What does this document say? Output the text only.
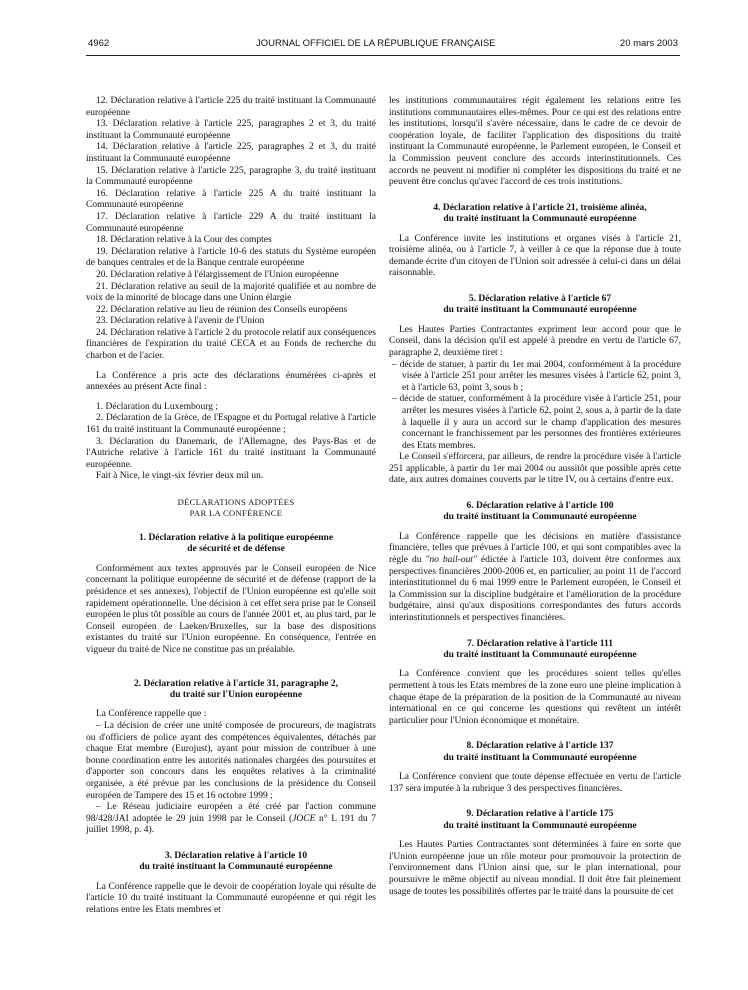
4962	JOURNAL OFFICIEL DE LA RÉPUBLIQUE FRANÇAISE	20 mars 2003

12. Déclaration relative à l'article 225 du traité instituant la Communauté européenne

13. Déclaration relative à l'article 225, paragraphes 2 et 3, du traité instituant la Communauté européenne

14. Déclaration relative à l'article 225, paragraphes 2 et 3, du traité instituant la Communauté européenne

15. Déclaration relative à l'article 225, paragraphe 3, du traité instituant la Communauté européenne

16. Déclaration relative à l'article 225 A du traité instituant la Communauté européenne

17. Déclaration relative à l'article 229 A du traité instituant la Communauté européenne

18. Déclaration relative à la Cour des comptes

19. Déclaration relative à l'article 10-6 des statuts du Système européen de banques centrales et de la Banque centrale européenne

20. Déclaration relative à l'élargissement de l'Union européenne

21. Déclaration relative au seuil de la majorité qualifiée et au nombre de voix de la minorité de blocage dans une Union élargie

22. Déclaration relative au lieu de réunion des Conseils européens

23. Déclaration relative à l'avenir de l'Union

24. Déclaration relative à l'article 2 du protocole relatif aux conséquences financières de l'expiration du traité CECA et au Fonds de recherche du charbon et de l'acier.

La Conférence a pris acte des déclarations énumérées ci-après et annexées au présent Acte final :

1. Déclaration du Luxembourg ;

2. Déclaration de la Grèce, de l'Espagne et du Portugal relative à l'article 161 du traité instituant la Communauté européenne ;

3. Déclaration du Danemark, de l'Allemagne, des Pays-Bas et de l'Autriche relative à l'article 161 du traité instituant la Communauté européenne.

Fait à Nice, le vingt-six février deux mil un.

DÉCLARATIONS ADOPTÉES

PAR LA CONFÉRENCE

1. Déclaration relative à la politique européenne

de sécurité et de défense

Conformément aux textes approuvés par le Conseil européen de Nice concernant la politique européenne de sécurité et de défense (rapport de la présidence et ses annexes), l'objectif de l'Union européenne est qu'elle soit rapidement opérationnelle. Une décision à cet effet sera prise par le Conseil européen le plus tôt possible au cours de l'année 2001 et, au plus tard, par le Conseil européen de Laeken/Bruxelles, sur la base des dispositions existantes du traité sur l'Union européenne. En conséquence, l'entrée en vigueur du traité de Nice ne constitue pas un préalable.

2. Déclaration relative à l'article 31, paragraphe 2,

du traité sur l'Union européenne

La Conférence rappelle que :

– La décision de créer une unité composée de procureurs, de magistrats ou d'officiers de police ayant des compétences équivalentes, détachés par chaque Etat membre (Eurojust), ayant pour mission de contribuer à une bonne coordination entre les autorités nationales chargées des poursuites et d'apporter son concours dans les enquêtes relatives à la criminalité organisée, a été prévue par les conclusions de la présidence du Conseil européen de Tampere des 15 et 16 octobre 1999 ;

– Le Réseau judiciaire européen a été créé par l'action commune 98/428/JAI adoptée le 29 juin 1998 par le Conseil (JOCE n° L 191 du 7 juillet 1998, p. 4).

3. Déclaration relative à l'article 10

du traité instituant la Communauté européenne

La Conférence rappelle que le devoir de coopération loyale qui résulte de l'article 10 du traité instituant la Communauté européenne et qui régit les relations entre les Etats membres et

les institutions communautaires régit également les relations entre les institutions communautaires elles-mêmes. Pour ce qui est des relations entre les institutions, lorsqu'il s'avère nécessaire, dans le cadre de ce devoir de coopération loyale, de faciliter l'application des dispositions du traité instituant la Communauté européenne, le Parlement européen, le Conseil et la Commission peuvent conclure des accords interinstitutionnels. Ces accords ne peuvent ni modifier ni compléter les dispositions du traité et ne peuvent être conclus qu'avec l'accord de ces trois institutions.

4. Déclaration relative à l'article 21, troisième alinéa,

du traité instituant la Communauté européenne

La Conférence invite les institutions et organes visés à l'article 21, troisième alinéa, ou à l'article 7, à veiller à ce que la réponse due à toute demande écrite d'un citoyen de l'Union soit adressée à celui-ci dans un délai raisonnable.

5. Déclaration relative à l'article 67

du traité instituant la Communauté européenne

Les Hautes Parties Contractantes expriment leur accord pour que le Conseil, dans la décision qu'il est appelé à prendre en vertu de l'article 67, paragraphe 2, deuxième tiret :

– décide de statuer, à partir du 1er mai 2004, conformément à la procédure visée à l'article 251 pour arrêter les mesures visées à l'article 62, point 3, et à l'article 63, point 3, sous b ;

– décide de statuer, conformément à la procédure visée à l'article 251, pour arrêter les mesures visées à l'article 62, point 2, sous a, à partir de la date à laquelle il y aura un accord sur le champ d'application des mesures concernant le franchissement par les personnes des frontières extérieures des Etats membres.

Le Conseil s'efforcera, par ailleurs, de rendre la procédure visée à l'article 251 applicable, à partir du 1er mai 2004 ou aussitôt que possible après cette date, aux autres domaines couverts par le titre IV, ou à certains d'entre eux.

6. Déclaration relative à l'article 100

du traité instituant la Communauté européenne

La Conférence rappelle que les décisions en matière d'assistance financière, telles que prévues à l'article 100, et qui sont compatibles avec la règle du "no bail-out" édictée à l'article 103, doivent être conformes aux perspectives financières 2000-2006 et, en particulier, au point 11 de l'accord interinstitutionnel du 6 mai 1999 entre le Parlement européen, le Conseil et la Commission sur la discipline budgétaire et l'amélioration de la procédure budgétaire, ainsi qu'aux dispositions correspondantes des futurs accords interinstitutionnels et perspectives financières.

7. Déclaration relative à l'article 111

du traité instituant la Communauté européenne

La Conférence convient que les procédures soient telles qu'elles permettent à tous les Etats membres de la zone euro une pleine implication à chaque étape de la préparation de la position de la Communauté au niveau international en ce qui concerne les questions qui revêtent un intérêt particulier pour l'Union économique et monétaire.

8. Déclaration relative à l'article 137

du traité instituant la Communauté européenne

La Conférence convient que toute dépense effectuée en vertu de l'article 137 sera imputée à la rubrique 3 des perspectives financières.

9. Déclaration relative à l'article 175

du traité instituant la Communauté européenne

Les Hautes Parties Contractantes sont déterminées à faire en sorte que l'Union européenne joue un rôle moteur pour promouvoir la protection de l'environnement dans l'Union ainsi que, sur le plan international, pour poursuivre le même objectif au niveau mondial. Il doit être fait pleinement usage de toutes les possibilités offertes par le traité dans la poursuite de cet
